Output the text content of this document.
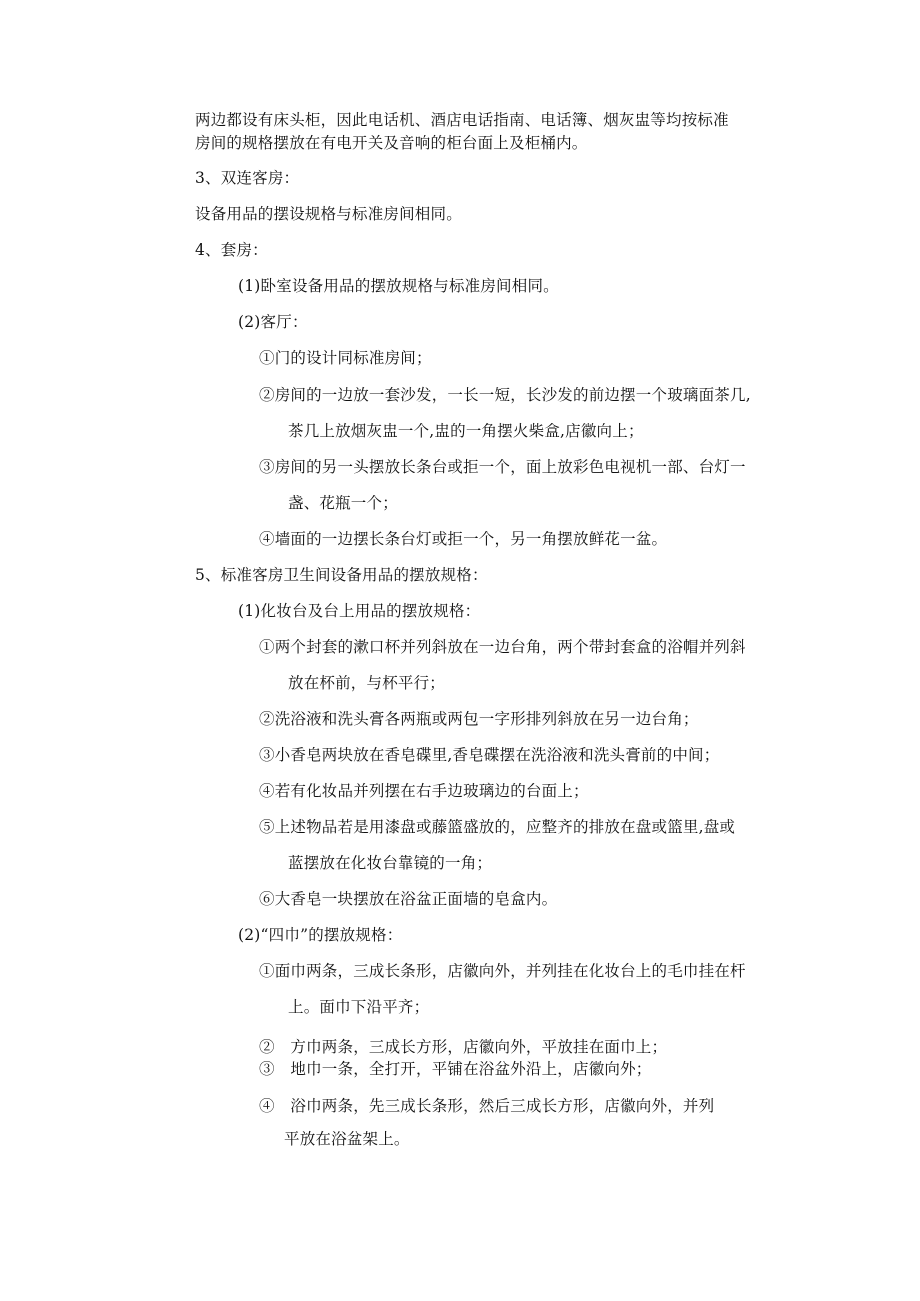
两边都设有床头柜，因此电话机、酒店电话指南、电话簿、烟灰盅等均按标准
房间的规格摆放在有电开关及音响的柜台面上及柜桶内。
3、双连客房：
设备用品的摆设规格与标准房间相同。
4、套房：
(1)卧室设备用品的摆放规格与标准房间相同。
(2)客厅：
①门的设计同标准房间；
②房间的一边放一套沙发，一长一短，长沙发的前边摆一个玻璃面茶几,
茶几上放烟灰盅一个,盅的一角摆火柴盒,店徽向上；
③房间的另一头摆放长条台或拒一个，面上放彩色电视机一部、台灯一
盏、花瓶一个；
④墙面的一边摆长条台灯或拒一个，另一角摆放鲜花一盆。
5、标准客房卫生间设备用品的摆放规格：
(1)化妆台及台上用品的摆放规格：
①两个封套的漱口杯并列斜放在一边台角，两个带封套盒的浴帽并列斜
放在杯前，与杯平行；
②洗浴液和洗头膏各两瓶或两包一字形排列斜放在另一边台角；
③小香皂两块放在香皂碟里,香皂碟摆在洗浴液和洗头膏前的中间；
④若有化妆品并列摆在右手边玻璃边的台面上；
⑤上述物品若是用漆盘或藤篮盛放的，应整齐的排放在盘或篮里,盘或
蓝摆放在化妆台靠镜的一角；
⑥大香皂一块摆放在浴盆正面墙的皂盒内。
(2)“四巾”的摆放规格：
①面巾两条，三成长条形，店徽向外，并列挂在化妆台上的毛巾挂在杆
上。面巾下沿平齐；
②　方巾两条，三成长方形，店徽向外，平放挂在面巾上；
③　地巾一条，全打开，平铺在浴盆外沿上，店徽向外；
④　浴巾两条，先三成长条形，然后三成长方形，店徽向外，并列
平放在浴盆架上。
